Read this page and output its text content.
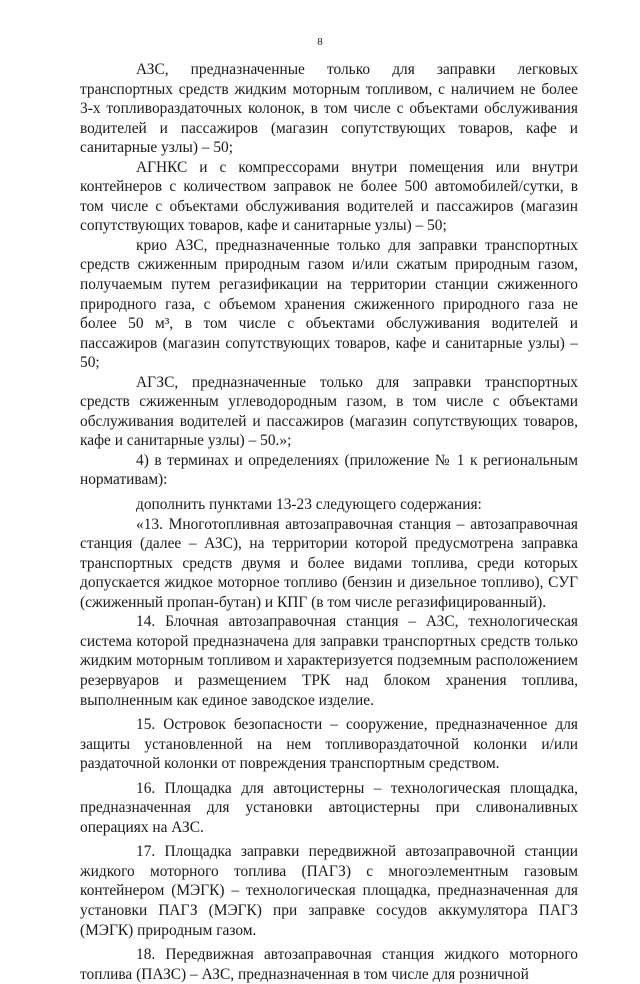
8

АЗС, предназначенные только для заправки легковых транспортных средств жидким моторным топливом, с наличием не более 3-х топливораздаточных колонок, в том числе с объектами обслуживания водителей и пассажиров (магазин сопутствующих товаров, кафе и санитарные узлы) – 50;

АГНКС и с компрессорами внутри помещения или внутри контейнеров с количеством заправок не более 500 автомобилей/сутки, в том числе с объектами обслуживания водителей и пассажиров (магазин сопутствующих товаров, кафе и санитарные узлы) – 50;

крио АЗС, предназначенные только для заправки транспортных средств сжиженным природным газом и/или сжатым природным газом, получаемым путем регазификации на территории станции сжиженного природного газа, с объемом хранения сжиженного природного газа не более 50 м³, в том числе с объектами обслуживания водителей и пассажиров (магазин сопутствующих товаров, кафе и санитарные узлы) – 50;

АГЗС, предназначенные только для заправки транспортных средств сжиженным углеводородным газом, в том числе с объектами обслуживания водителей и пассажиров (магазин сопутствующих товаров, кафе и санитарные узлы) – 50.»;

4) в терминах и определениях (приложение № 1 к региональным нормативам):

дополнить пунктами 13-23 следующего содержания:

«13. Многотопливная автозаправочная станция – автозаправочная станция (далее – АЗС), на территории которой предусмотрена заправка транспортных средств двумя и более видами топлива, среди которых допускается жидкое моторное топливо (бензин и дизельное топливо), СУГ (сжиженный пропан-бутан) и КПГ (в том числе регазифицированный).

14. Блочная автозаправочная станция – АЗС, технологическая система которой предназначена для заправки транспортных средств только жидким моторным топливом и характеризуется подземным расположением резервуаров и размещением ТРК над блоком хранения топлива, выполненным как единое заводское изделие.

15. Островок безопасности – сооружение, предназначенное для защиты установленной на нем топливораздаточной колонки и/или раздаточной колонки от повреждения транспортным средством.

16. Площадка для автоцистерны – технологическая площадка, предназначенная для установки автоцистерны при сливоналивных операциях на АЗС.

17. Площадка заправки передвижной автозаправочной станции жидкого моторного топлива (ПАГЗ) с многоэлементным газовым контейнером (МЭГК) – технологическая площадка, предназначенная для установки ПАГЗ (МЭГК) при заправке сосудов аккумулятора ПАГЗ (МЭГК) природным газом.

18. Передвижная автозаправочная станция жидкого моторного топлива (ПАЗС) – АЗС, предназначенная в том числе для розничной
